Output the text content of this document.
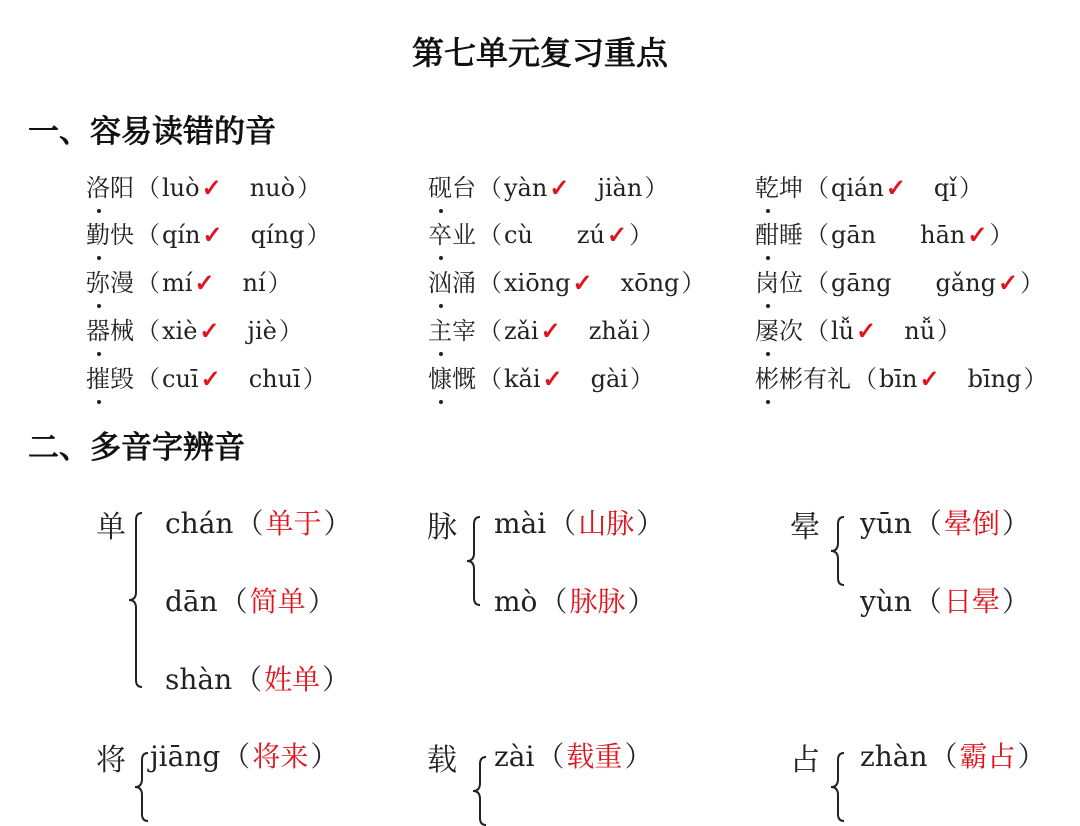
第七单元复习重点
一、容易读错的音
二、多音字辨音
洛阳 （ luò ✓ nuò ）	砚台 （ yàn ✓ jiàn ）	乾坤 （ qián ✓ qǐ ）
勤快 （ qín ✓ qíng ）	卒业 （ cù zú ✓ ）	酣睡 （ gān hān ✓ ）
弥漫 （ mí ✓ ní ）	汹涌 （ xiōng ✓ xōng ） 岗位 （ gāng gǎng ✓ ）
器械 （ xiè ✓ jiè ）	主宰 （ zǎi ✓ zhǎi ）	屡次 （ lǚ ✓ nǚ ）
摧毁 （ cuī ✓ chuī ）	慷慨 （ kǎi ✓ gài ）	彬彬有礼 （ bīn ✓ bīng ）
单 chán （ 单于 ）
dān （ 简单 ）
shàn （ 姓单 ）
脉 mài （ 山脉 ）
mò （ 脉脉 ）
晕 yūn （ 晕倒 ）
yùn （ 日晕 ）
将 jiāng （ 将来 ）	载 zài （ 载重 ）	占 zhàn （ 霸占 ）
